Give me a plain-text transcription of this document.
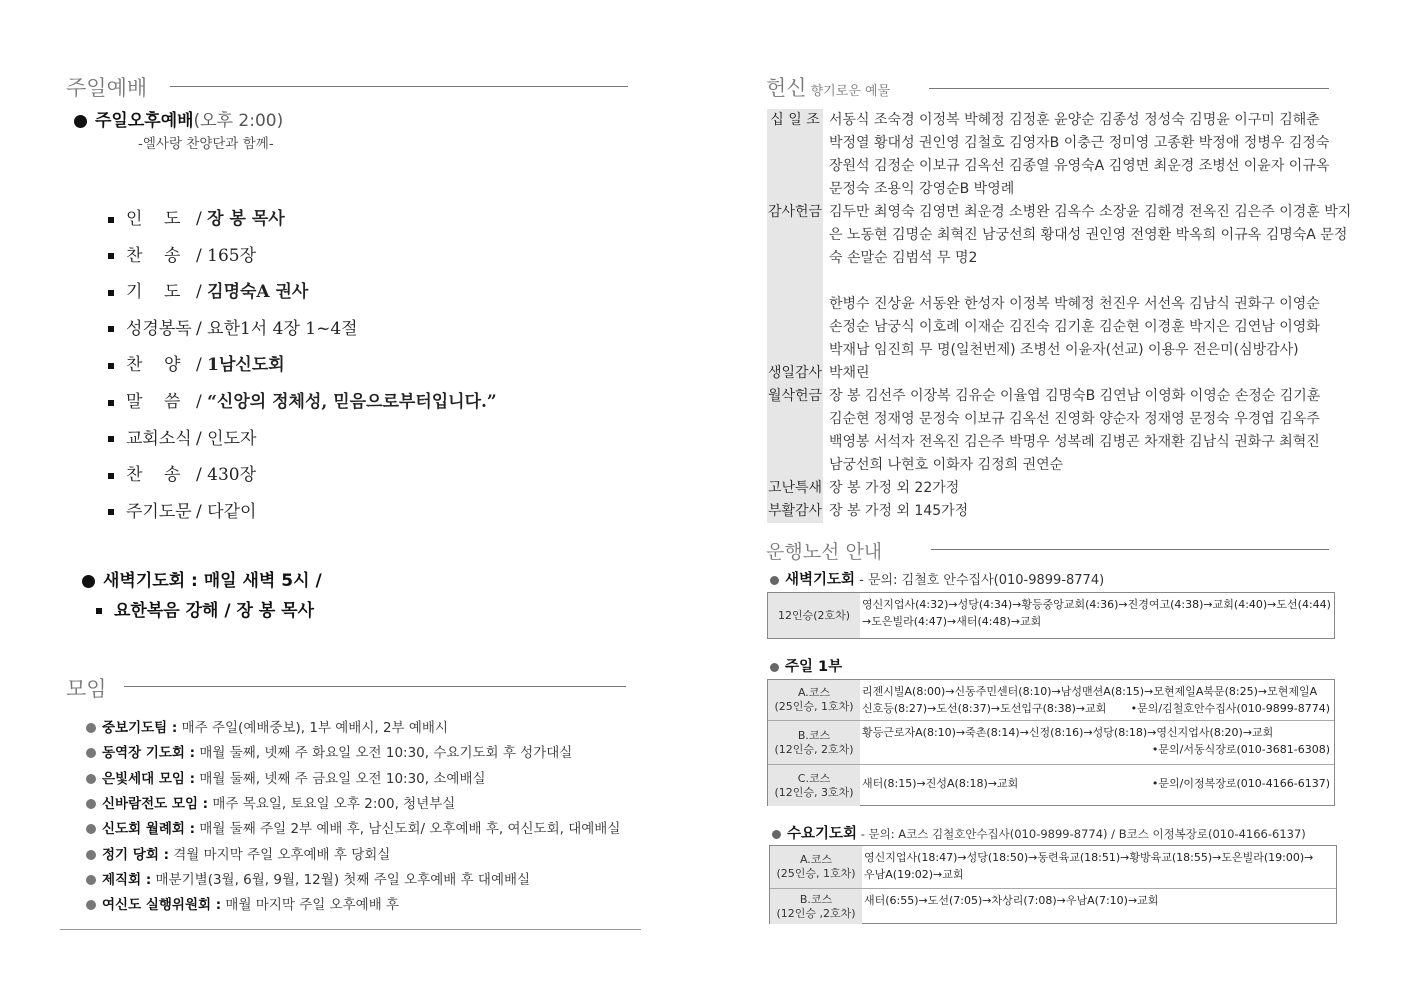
주일예배
주일오후예배(오후 2:00)
-엘사랑 찬양단과 함께-
인    도 / 장 봉 목사
찬    송 / 165장
기    도 / 김명숙A 권사
성경봉독 / 요한1서 4장 1~4절
찬    양 / 1남신도회
말    씀 / “신앙의 정체성, 믿음으로부터입니다.”
교회소식 / 인도자
찬    송 / 430장
주기도문 / 다같이
새벽기도회 : 매일 새벽 5시 /
요한복음 강해 / 장 봉 목사
모임
중보기도팀 : 매주 주일(예배중보), 1부 예배시, 2부 예배시
동역장 기도회 : 매월 둘째, 넷째 주 화요일 오전 10:30, 수요기도회 후 성가대실
은빛세대 모임 : 매월 둘째, 넷째 주 금요일 오전 10:30, 소예배실
신바람전도 모임 : 매주 목요일, 토요일 오후 2:00, 청년부실
신도회 월례회 : 매월 둘째 주일 2부 예배 후, 남신도회/ 오후예배 후, 여신도회, 대예배실
정기 당회 : 격월 마지막 주일 오후예배 후 당회실
제직회 : 매분기별(3월, 6월, 9월, 12월) 첫째 주일 오후예배 후 대예배실
여신도 실행위원회 : 매월 마지막 주일 오후예배 후
헌신 향기로운 예물
십 일 조 서동식 조숙경 이정복 박혜정 김정훈 윤양순 김종성 정성숙 김명윤 이구미 김해춘
박정열 황대성 권인영 김철호 김영자B 이충근 정미영 고종환 박정애 정병우 김정숙
장원석 김정순 이보규 김옥선 김종열 유영숙A 김영면 최운경 조병선 이윤자 이규옥
문정숙 조용익 강영순B 박영례
감사헌금 김두만 최영숙 김영면 최운경 소병완 김옥수 소장윤 김해경 전옥진 김은주 이경훈 박지
은 노동현 김명순 최혁진 남궁선희 황대성 권인영 전영환 박옥희 이규옥 김명숙A 문정
숙 손말순 김범석 무 명2
한병수 진상윤 서동완 한성자 이정복 박혜정 천진우 서선옥 김남식 권화구 이영순
손정순 남궁식 이호례 이재순 김진숙 김기훈 김순현 이경훈 박지은 김연남 이영화
박재남 임진희 무 명(일천번제) 조병선 이윤자(선교) 이용우 전은미(심방감사)
생일감사 박채린
월삭헌금 장 봉 김선주 이장복 김유순 이율엽 김명숙B 김연남 이영화 이영순 손정순 김기훈
김순현 정재영 문정숙 이보규 김옥선 진영화 양순자 정재영 문정숙 우경엽 김옥주
백영봉 서석자 전옥진 김은주 박명우 성복례 김병곤 차재환 김남식 권화구 최혁진
남궁선희 나현호 이화자 김정희 권연순
고난특새 장 봉 가정 외 22가정
부활감사 장 봉 가정 외 145가정
운행노선 안내
새벽기도회 - 문의: 김철호 안수집사(010-9899-8774)
12인승(2호차)
영신지업사(4:32)→성당(4:34)→황등중앙교회(4:36)→진경여고(4:38)→교회(4:40)→도선(4:44)
→도은빌라(4:47)→새터(4:48)→교회
주일 1부
A.코스
(25인승, 1호차)
리젠시빌A(8:00)→신동주민센터(8:10)→남성맨션A(8:15)→모현제일A북문(8:25)→모현제일A
신호등(8:27)→도선(8:37)→도선입구(8:38)→교회 •문의/김철호안수집사(010-9899-8774)
B.코스
(12인승, 2호차)
황등근로자A(8:10)→죽촌(8:14)→신정(8:16)→성당(8:18)→영신지업사(8:20)→교회
•문의/서동식장로(010-3681-6308)
C.코스
(12인승, 3호차)
새터(8:15)→진성A(8:18)→교회	•문의/이정복장로(010-4166-6137)
수요기도회 - 문의: A코스 김철호안수집사(010-9899-8774) / B코스 이정복장로(010-4166-6137)
A.코스
(25인승, 1호차)
영신지업사(18:47)→성당(18:50)→동련육교(18:51)→황방육교(18:55)→도은빌라(19:00)→
우남A(19:02)→교회
B.코스
(12인승 ,2호차)
새터(6:55)→도선(7:05)→차상리(7:08)→우남A(7:10)→교회
